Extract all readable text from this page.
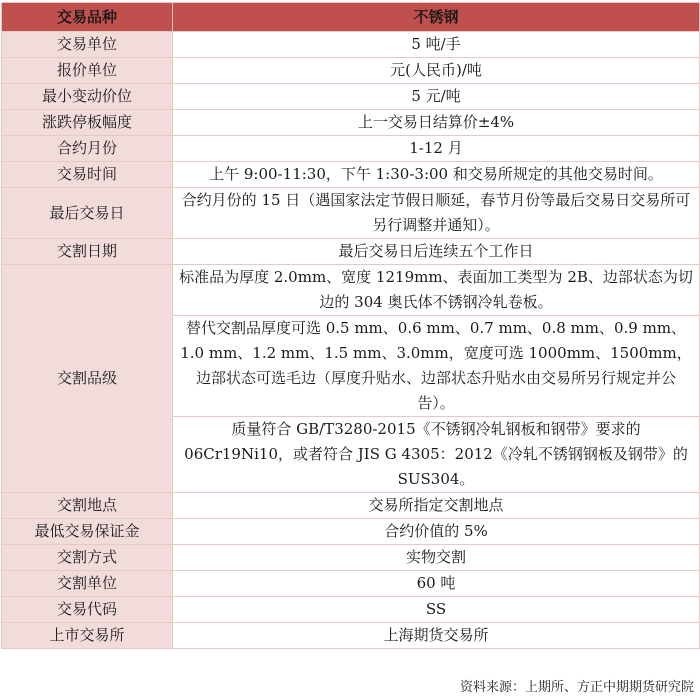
交易品种	不锈钢
交易单位	5 吨/手
报价单位	元(人民币)/吨
最小变动价位	5 元/吨
涨跌停板幅度	上一交易日结算价±4%
合约月份	1-12 月
交易时间	上午 9:00-11:30，下午 1:30-3:00 和交易所规定的其他交易时间。
最后交易日	合约月份的 15 日（遇国家法定节假日顺延，春节月份等最后交易日交易所可另行调整并通知）。
交割日期	最后交易日后连续五个工作日
交割品级	标准品为厚度 2.0mm、宽度 1219mm、表面加工类型为 2B、边部状态为切边的 304 奥氏体不锈钢冷轧卷板。
	替代交割品厚度可选 0.5 mm、0.6 mm、0.7 mm、0.8 mm、0.9 mm、1.0 mm、1.2 mm、1.5 mm、3.0mm，宽度可选 1000mm、1500mm，边部状态可选毛边（厚度升贴水、边部状态升贴水由交易所另行规定并公告）。
	质量符合 GB/T3280-2015《不锈钢冷轧钢板和钢带》要求的 06Cr19Ni10，或者符合 JIS G 4305：2012《冷轧不锈钢钢板及钢带》的 SUS304。
交割地点	交易所指定交割地点
最低交易保证金	合约价值的 5%
交割方式	实物交割
交割单位	60 吨
交易代码	SS
上市交易所	上海期货交易所
资料来源：上期所、方正中期期货研究院
